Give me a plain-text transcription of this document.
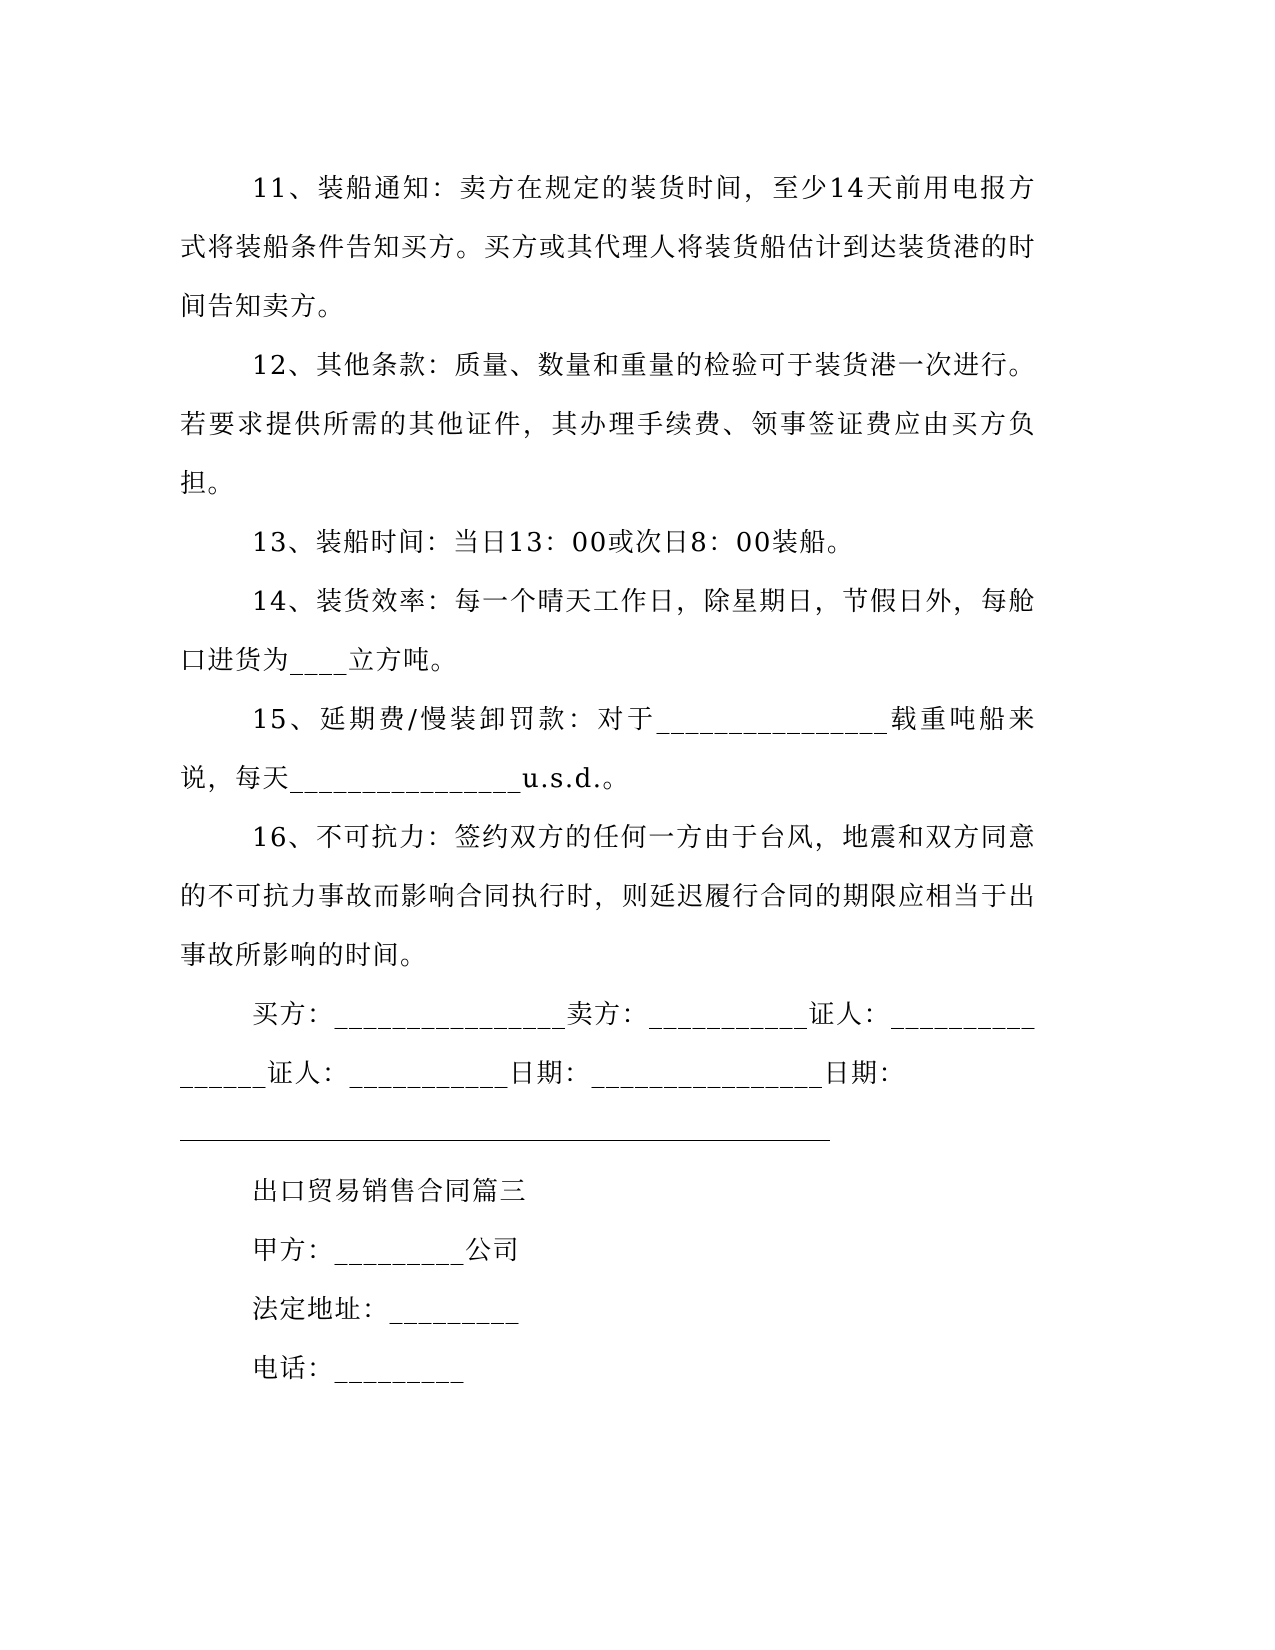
11、装船通知：卖方在规定的装货时间，至少14天前用电报方式将装船条件告知买方。买方或其代理人将装货船估计到达装货港的时间告知卖方。

12、其他条款：质量、数量和重量的检验可于装货港一次进行。若要求提供所需的其他证件，其办理手续费、领事签证费应由买方负担。

13、装船时间：当日13：00或次日8：00装船。

14、装货效率：每一个晴天工作日，除星期日，节假日外，每舱口进货为____立方吨。

15、延期费/慢装卸罚款：对于________________载重吨船来说，每天________________u.s.d.。

16、不可抗力：签约双方的任何一方由于台风，地震和双方同意的不可抗力事故而影响合同执行时，则延迟履行合同的期限应相当于出事故所影响的时间。

买方：________________卖方：___________证人：________________证人：___________日期：________________日期：

出口贸易销售合同篇三

甲方：_________公司

法定地址：_________

电话：_________
